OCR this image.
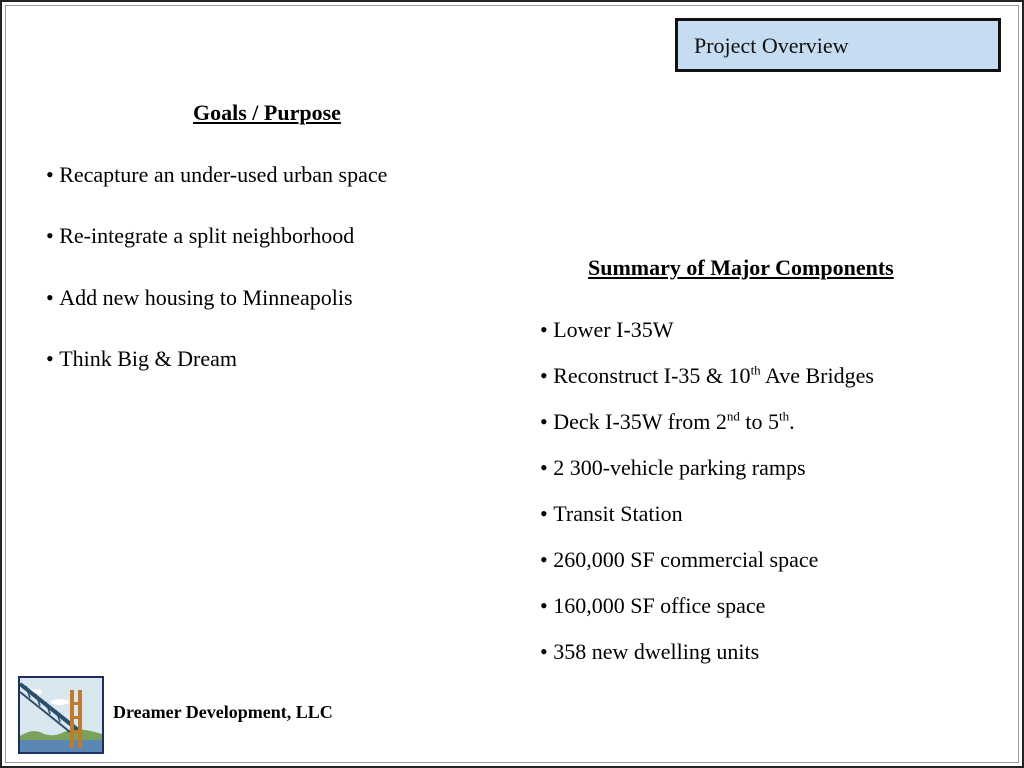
Project Overview
Goals / Purpose
• Recapture an under-used urban space
• Re-integrate a split neighborhood
• Add new housing to Minneapolis
• Think Big & Dream
Summary of Major Components
• Lower I-35W
• Reconstruct I-35 & 10th Ave Bridges
• Deck I-35W from 2nd to 5th.
• 2 300-vehicle parking ramps
• Transit Station
• 260,000 SF commercial space
• 160,000 SF office space
• 358 new dwelling units
Dreamer Development, LLC
